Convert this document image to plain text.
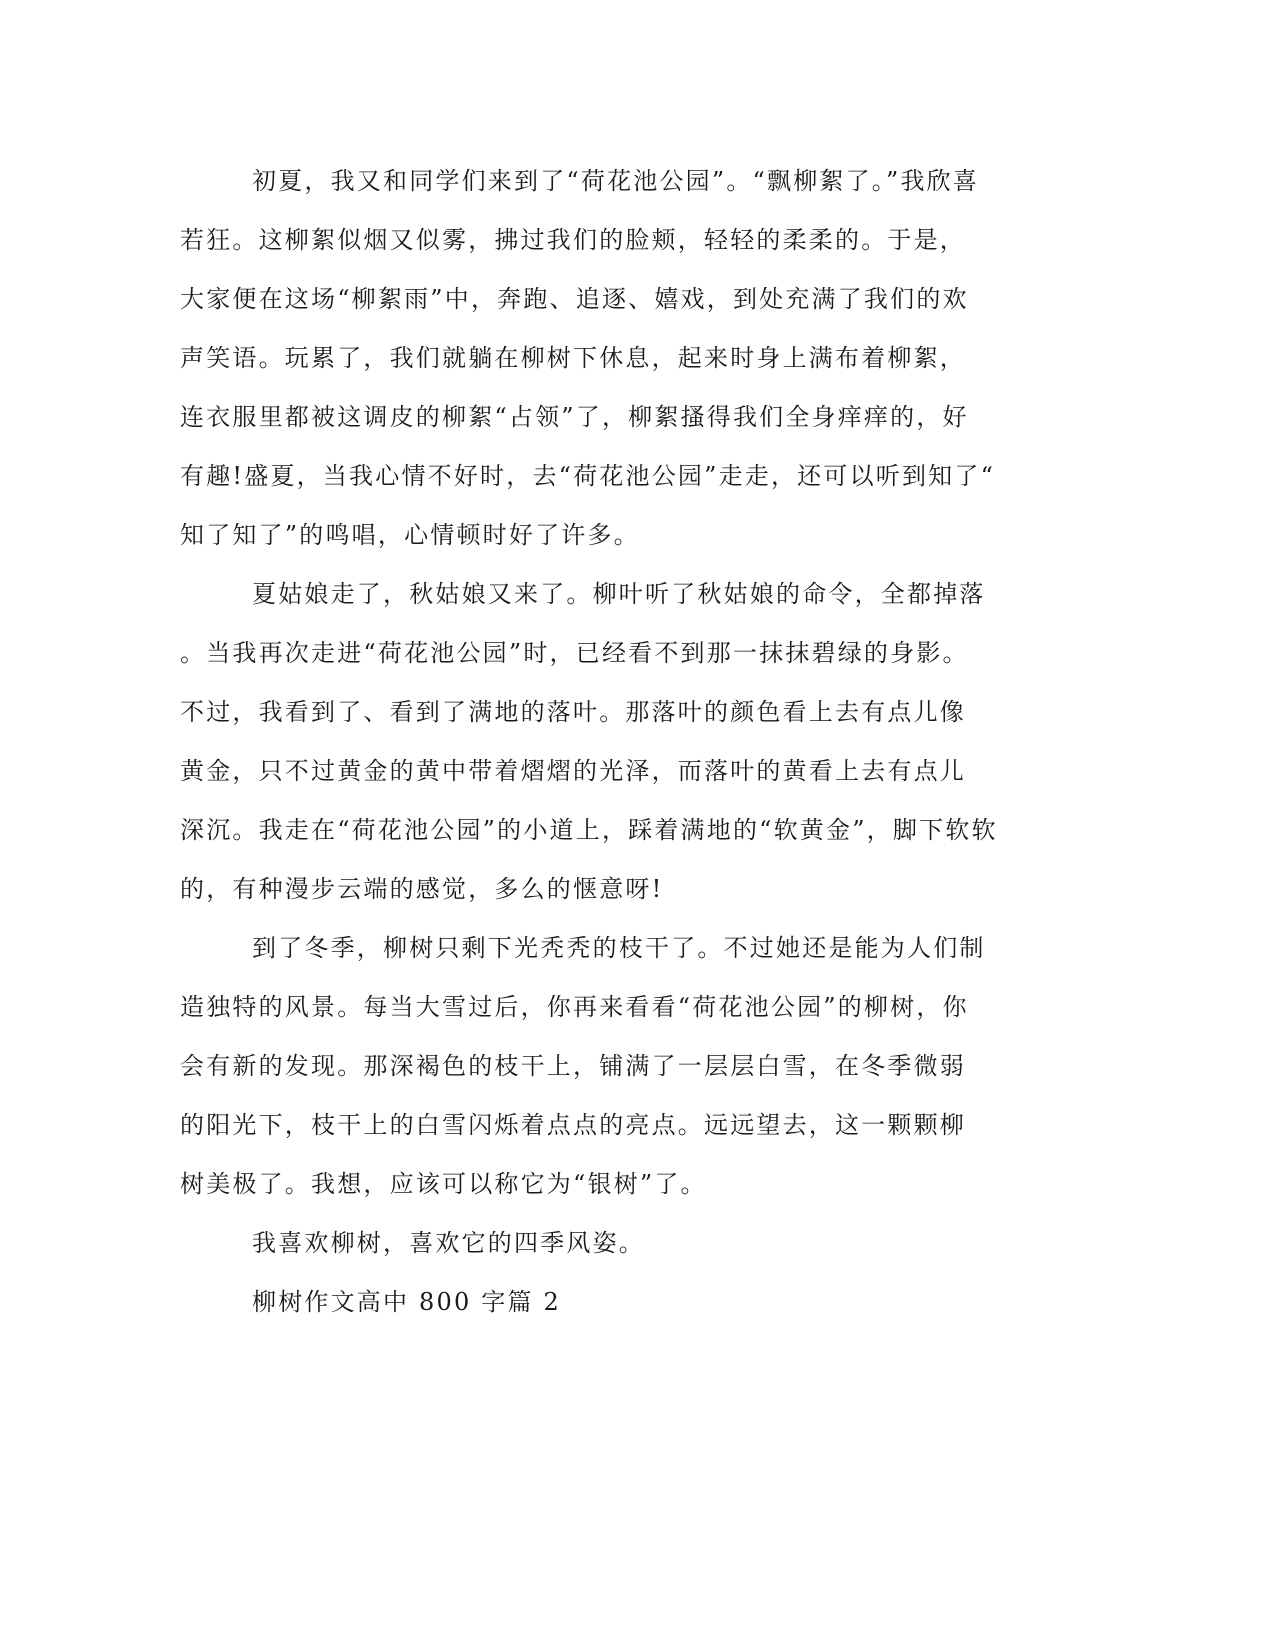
初夏，我又和同学们来到了“荷花池公园”。“飘柳絮了。”我欣喜
若狂。这柳絮似烟又似雾，拂过我们的脸颊，轻轻的柔柔的。于是，
大家便在这场“柳絮雨”中，奔跑、追逐、嬉戏，到处充满了我们的欢
声笑语。玩累了，我们就躺在柳树下休息，起来时身上满布着柳絮，
连衣服里都被这调皮的柳絮“占领”了，柳絮搔得我们全身痒痒的，好
有趣!盛夏，当我心情不好时，去“荷花池公园”走走，还可以听到知了“
知了知了”的鸣唱，心情顿时好了许多。
夏姑娘走了，秋姑娘又来了。柳叶听了秋姑娘的命令，全都掉落
。当我再次走进“荷花池公园”时，已经看不到那一抹抹碧绿的身影。
不过，我看到了、看到了满地的落叶。那落叶的颜色看上去有点儿像
黄金，只不过黄金的黄中带着熠熠的光泽，而落叶的黄看上去有点儿
深沉。我走在“荷花池公园”的小道上，踩着满地的“软黄金”，脚下软软
的，有种漫步云端的感觉，多么的惬意呀!
到了冬季，柳树只剩下光秃秃的枝干了。不过她还是能为人们制
造独特的风景。每当大雪过后，你再来看看“荷花池公园”的柳树，你
会有新的发现。那深褐色的枝干上，铺满了一层层白雪，在冬季微弱
的阳光下，枝干上的白雪闪烁着点点的亮点。远远望去，这一颗颗柳
树美极了。我想，应该可以称它为“银树”了。
我喜欢柳树，喜欢它的四季风姿。
柳树作文高中 800 字篇 2
